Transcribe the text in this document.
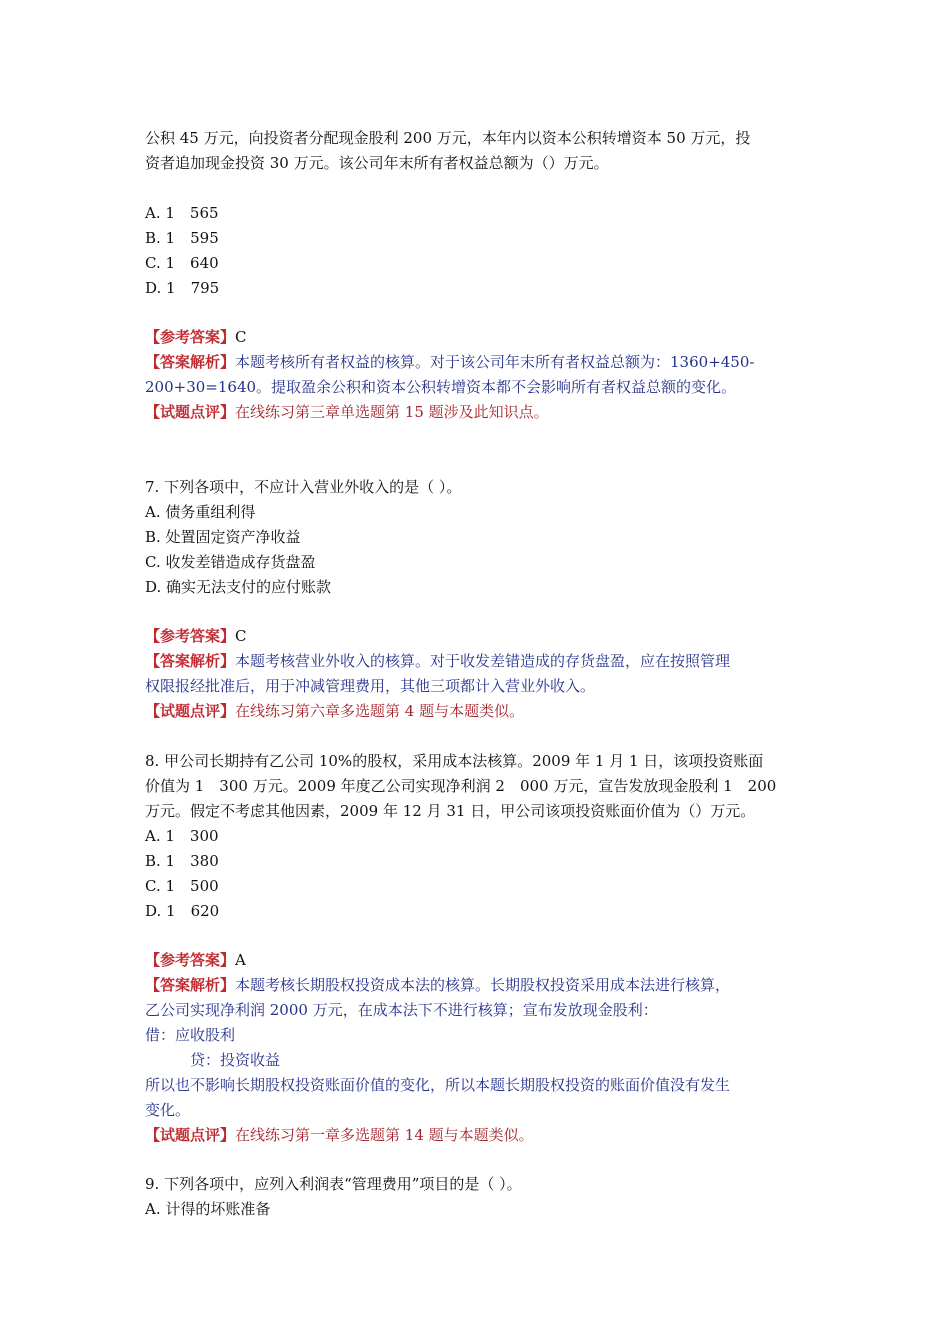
公积 45 万元，向投资者分配现金股利 200 万元，本年内以资本公积转增资本 50 万元，投
资者追加现金投资 30 万元。该公司年末所有者权益总额为（）万元。
A. 1　565
B. 1　595
C. 1　640
D. 1　795
【参考答案】C
【答案解析】本题考核所有者权益的核算。对于该公司年末所有者权益总额为：1360+450-
200+30=1640。提取盈余公积和资本公积转增资本都不会影响所有者权益总额的变化。
【试题点评】在线练习第三章单选题第 15 题涉及此知识点。
7. 下列各项中，不应计入营业外收入的是（ ）。
A. 债务重组利得
B. 处置固定资产净收益
C. 收发差错造成存货盘盈
D. 确实无法支付的应付账款
【参考答案】C
【答案解析】本题考核营业外收入的核算。对于收发差错造成的存货盘盈，应在按照管理
权限报经批准后，用于冲减管理费用，其他三项都计入营业外收入。
【试题点评】在线练习第六章多选题第 4 题与本题类似。
8. 甲公司长期持有乙公司 10%的股权，采用成本法核算。2009 年 1 月 1 日，该项投资账面
价值为 1　300 万元。2009 年度乙公司实现净利润 2　000 万元，宣告发放现金股利 1　200
万元。假定不考虑其他因素，2009 年 12 月 31 日，甲公司该项投资账面价值为（）万元。
A. 1　300
B. 1　380
C. 1　500
D. 1　620
【参考答案】A
【答案解析】本题考核长期股权投资成本法的核算。长期股权投资采用成本法进行核算，
乙公司实现净利润 2000 万元，在成本法下不进行核算；宣布发放现金股利：
借：应收股利
　　　贷：投资收益
所以也不影响长期股权投资账面价值的变化，所以本题长期股权投资的账面价值没有发生
变化。
【试题点评】在线练习第一章多选题第 14 题与本题类似。
9. 下列各项中，应列入利润表“管理费用”项目的是（ ）。
A. 计得的坏账准备
